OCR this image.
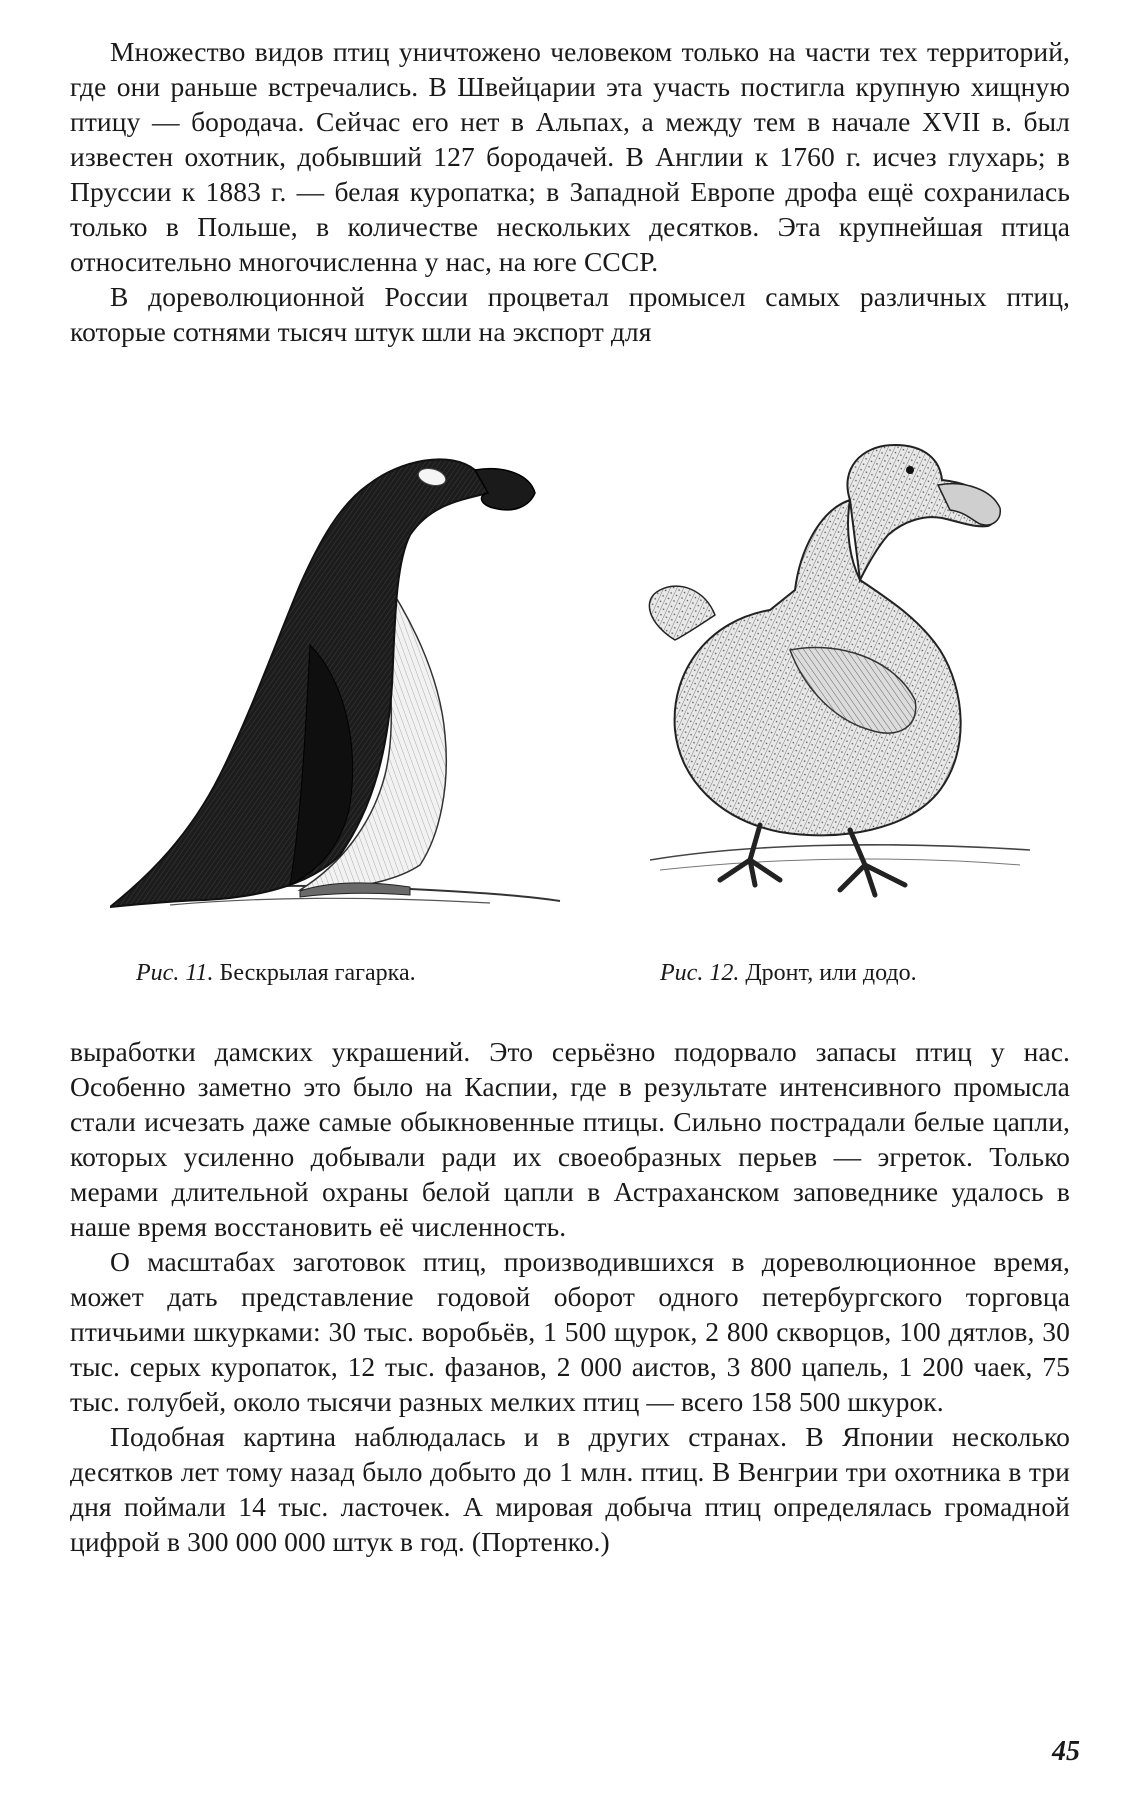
Множество видов птиц уничтожено человеком только на части тех территорий, где они раньше встречались. В Швейцарии эта участь постигла крупную хищную птицу — бородача. Сейчас его нет в Альпах, а между тем в начале XVII в. был известен охотник, добывший 127 бородачей. В Англии к 1760 г. исчез глухарь; в Пруссии к 1883 г. — белая куропатка; в Западной Европе дрофа ещё сохранилась только в Польше, в количестве нескольких десятков. Эта крупнейшая птица относительно многочисленна у нас, на юге СССР.

В дореволюционной России процветал промысел самых различных птиц, которые сотнями тысяч штук шли на экспорт для

Рис. 11. Бескрылая гагарка.	Рис. 12. Дронт, или додо.

выработки дамских украшений. Это серьёзно подорвало запасы птиц у нас. Особенно заметно это было на Каспии, где в результате интенсивного промысла стали исчезать даже самые обыкновенные птицы. Сильно пострадали белые цапли, которых усиленно добывали ради их своеобразных перьев — эгреток. Только мерами длительной охраны белой цапли в Астраханском заповеднике удалось в наше время восстановить её численность.

О масштабах заготовок птиц, производившихся в дореволюционное время, может дать представление годовой оборот одного петербургского торговца птичьими шкурками: 30 тыс. воробьёв, 1 500 щурок, 2 800 скворцов, 100 дятлов, 30 тыс. серых куропаток, 12 тыс. фазанов, 2 000 аистов, 3 800 цапель, 1 200 чаек, 75 тыс. голубей, около тысячи разных мелких птиц — всего 158 500 шкурок.

Подобная картина наблюдалась и в других странах. В Японии несколько десятков лет тому назад было добыто до 1 млн. птиц. В Венгрии три охотника в три дня поймали 14 тыс. ласточек. А мировая добыча птиц определялась громадной цифрой в 300 000 000 штук в год. (Портенко.)

45
